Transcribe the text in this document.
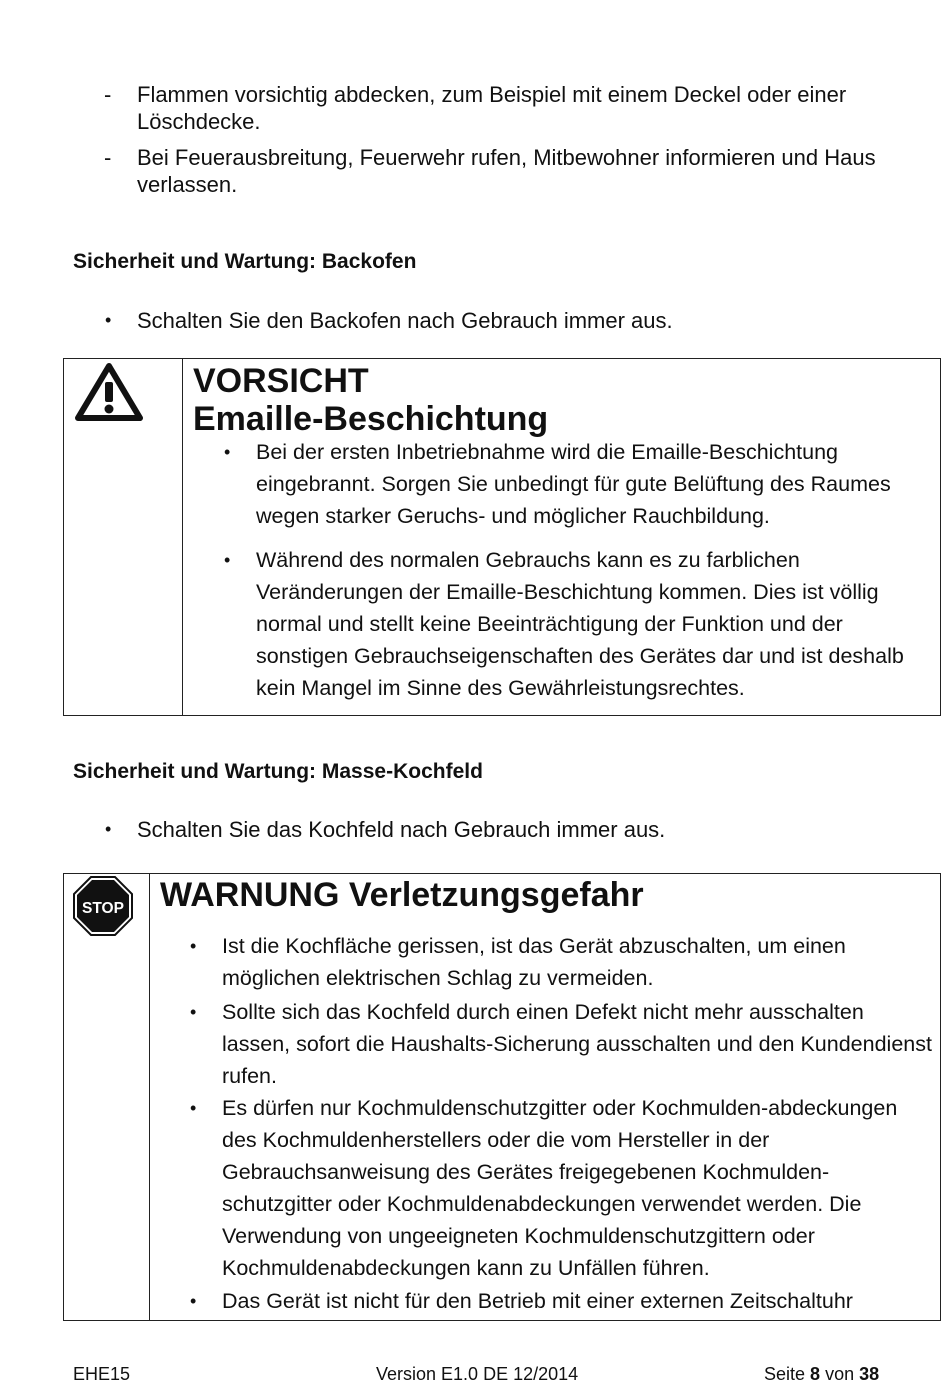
- Flammen vorsichtig abdecken, zum Beispiel mit einem Deckel oder einer Löschdecke.
- Bei Feuerausbreitung, Feuerwehr rufen, Mitbewohner informieren und Haus verlassen.
Sicherheit und Wartung: Backofen
• Schalten Sie den Backofen nach Gebrauch immer aus.
VORSICHT
Emaille-Beschichtung
• Bei der ersten Inbetriebnahme wird die Emaille-Beschichtung eingebrannt. Sorgen Sie unbedingt für gute Belüftung des Raumes wegen starker Geruchs- und möglicher Rauchbildung.
• Während des normalen Gebrauchs kann es zu farblichen Veränderungen der Emaille-Beschichtung kommen. Dies ist völlig normal und stellt keine Beeinträchtigung der Funktion und der sonstigen Gebrauchseigenschaften des Gerätes dar und ist deshalb kein Mangel im Sinne des Gewährleistungsrechtes.
Sicherheit und Wartung: Masse-Kochfeld
• Schalten Sie das Kochfeld nach Gebrauch immer aus.
STOP WARNUNG Verletzungsgefahr
• Ist die Kochfläche gerissen, ist das Gerät abzuschalten, um einen möglichen elektrischen Schlag zu vermeiden.
• Sollte sich das Kochfeld durch einen Defekt nicht mehr ausschalten lassen, sofort die Haushalts-Sicherung ausschalten und den Kundendienst rufen.
• Es dürfen nur Kochmuldenschutzgitter oder Kochmulden-abdeckungen des Kochmuldenherstellers oder die vom Hersteller in der Gebrauchsanweisung des Gerätes freigegebenen Kochmulden-schutzgitter oder Kochmuldenabdeckungen verwendet werden. Die Verwendung von ungeeigneten Kochmuldenschutzgittern oder Kochmuldenabdeckungen kann zu Unfällen führen.
• Das Gerät ist nicht für den Betrieb mit einer externen Zeitschaltuhr
EHE15	Version E1.0 DE 12/2014	Seite 8 von 38
